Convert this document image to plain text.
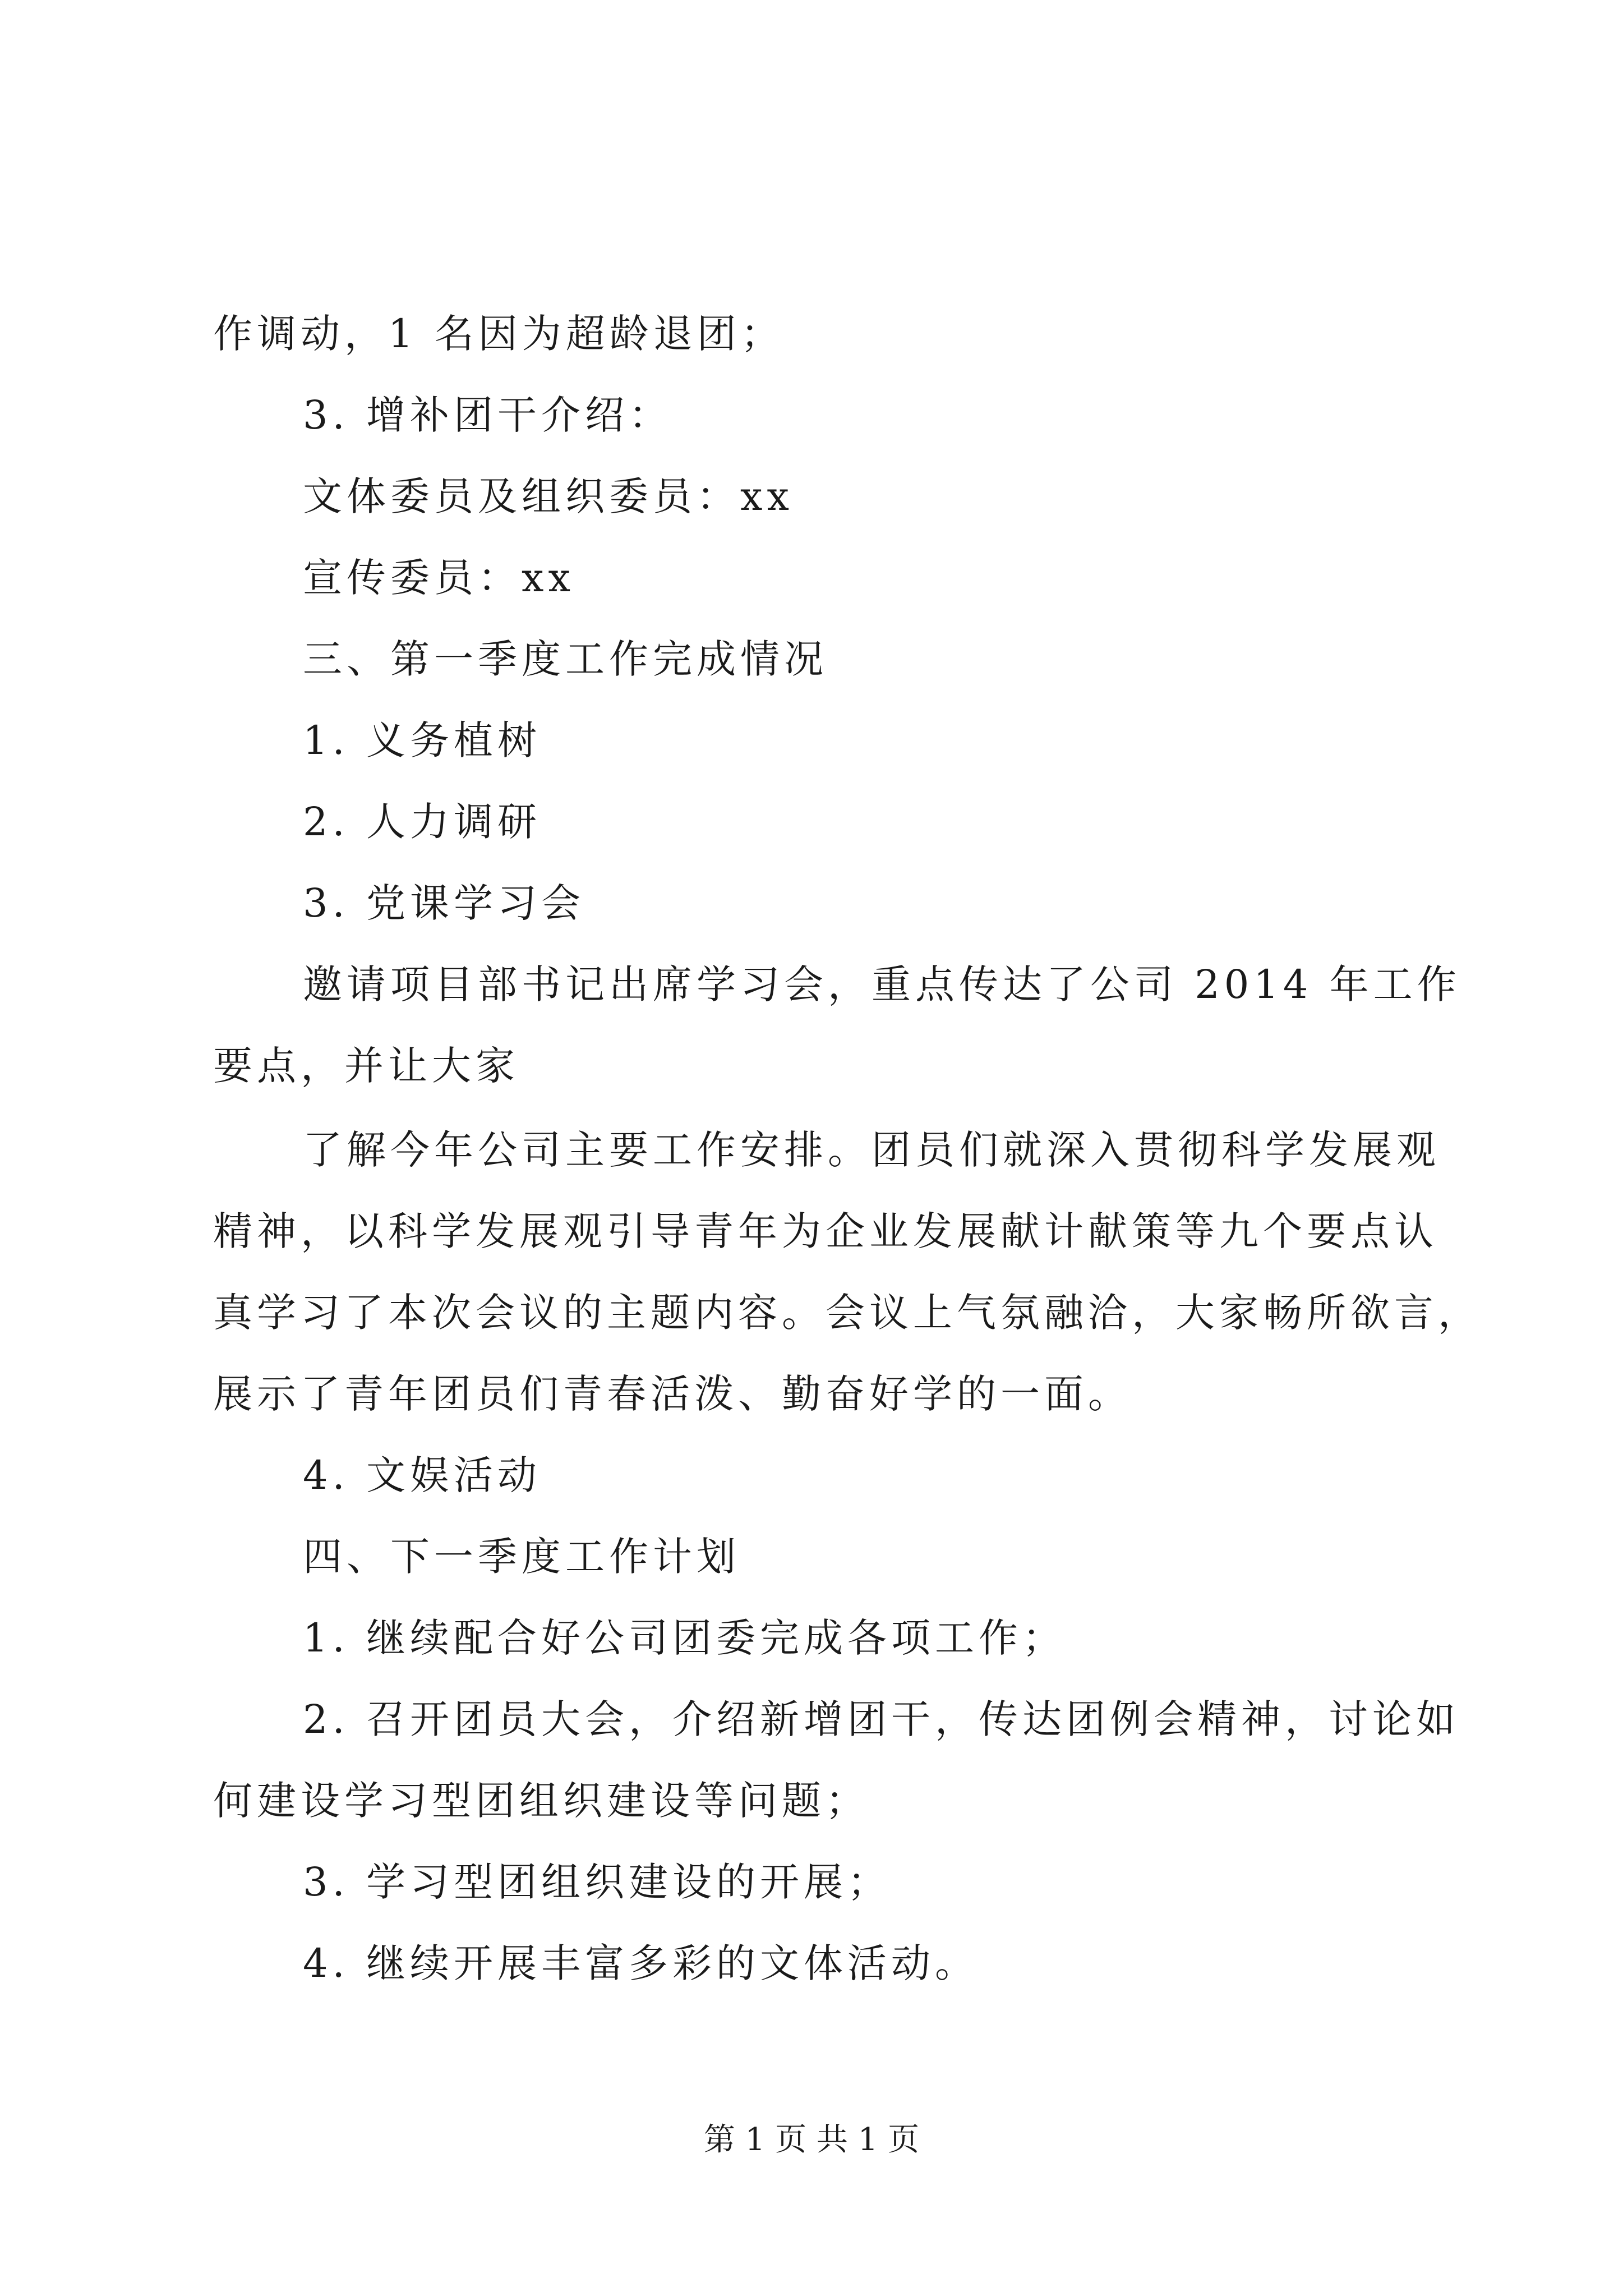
作调动，1 名因为超龄退团；
3. 增补团干介绍：
文体委员及组织委员：xx
宣传委员：xx
三、第一季度工作完成情况
1. 义务植树
2. 人力调研
3. 党课学习会
邀请项目部书记出席学习会，重点传达了公司 2014 年工作
要点，并让大家
了解今年公司主要工作安排。团员们就深入贯彻科学发展观
精神，以科学发展观引导青年为企业发展献计献策等九个要点认
真学习了本次会议的主题内容。会议上气氛融洽，大家畅所欲言，
展示了青年团员们青春活泼、勤奋好学的一面。
4. 文娱活动
四、下一季度工作计划
1. 继续配合好公司团委完成各项工作；
2. 召开团员大会，介绍新增团干，传达团例会精神，讨论如
何建设学习型团组织建设等问题；
3. 学习型团组织建设的开展；
4. 继续开展丰富多彩的文体活动。
第 1 页 共 1 页
